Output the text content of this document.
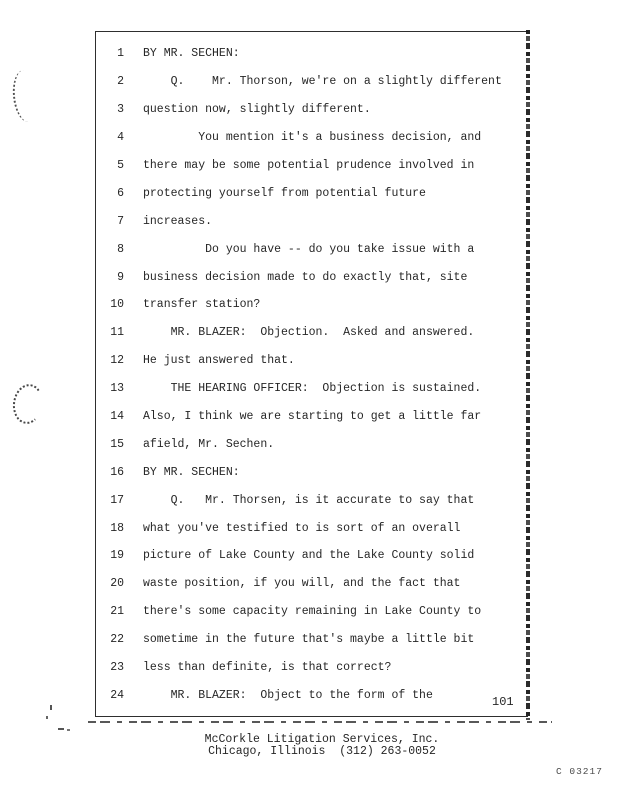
1 BY MR. SECHEN:
2 Q.    Mr. Thorson, we're on a slightly different
3 question now, slightly different.
4 You mention it's a business decision, and
5 there may be some potential prudence involved in
6 protecting yourself from potential future
7 increases.
8 Do you have -- do you take issue with a
9 business decision made to do exactly that, site
10 transfer station?
11 MR. BLAZER:  Objection.  Asked and answered.
12 He just answered that.
13 THE HEARING OFFICER:  Objection is sustained.
14 Also, I think we are starting to get a little far
15 afield, Mr. Sechen.
16 BY MR. SECHEN:
17 Q.   Mr. Thorsen, is it accurate to say that
18 what you've testified to is sort of an overall
19 picture of Lake County and the Lake County solid
20 waste position, if you will, and the fact that
21 there's some capacity remaining in Lake County to
22 sometime in the future that's maybe a little bit
23 less than definite, is that correct?
24 MR. BLAZER:  Object to the form of the	101
McCorkle Litigation Services, Inc.
Chicago, Illinois  (312) 263-0052
C 03217
